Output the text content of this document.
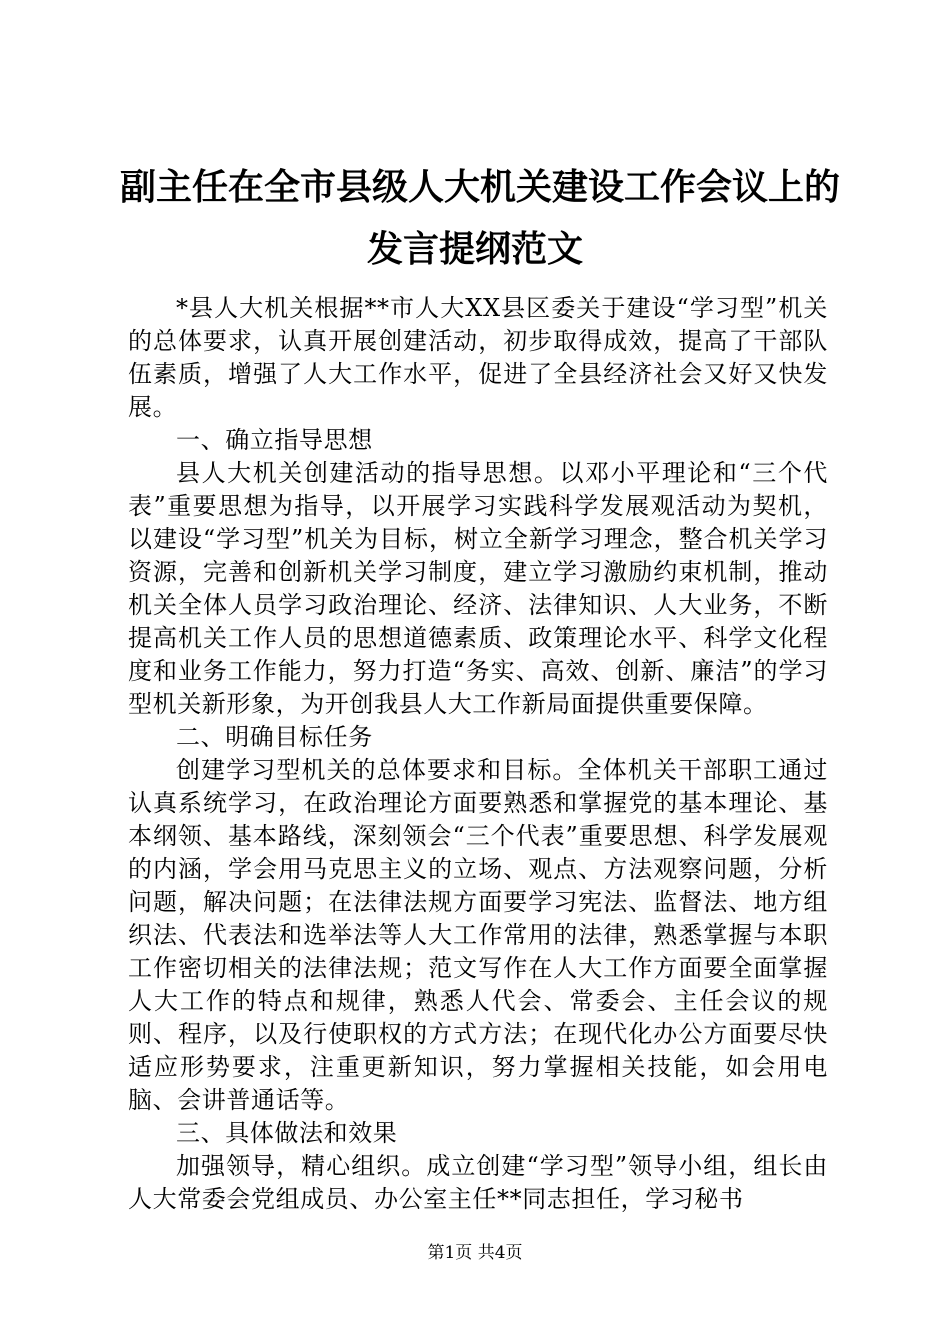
副主任在全市县级人大机关建设工作会议上的
发言提纲范文

*县人大机关根据**市人大XX县区委关于建设“学习型”机关的总体要求，认真开展创建活动，初步取得成效，提高了干部队伍素质，增强了人大工作水平，促进了全县经济社会又好又快发展。

一、确立指导思想

县人大机关创建活动的指导思想。以邓小平理论和“三个代表”重要思想为指导，以开展学习实践科学发展观活动为契机，以建设“学习型”机关为目标，树立全新学习理念，整合机关学习资源，完善和创新机关学习制度，建立学习激励约束机制，推动机关全体人员学习政治理论、经济、法律知识、人大业务，不断提高机关工作人员的思想道德素质、政策理论水平、科学文化程度和业务工作能力，努力打造“务实、高效、创新、廉洁”的学习型机关新形象，为开创我县人大工作新局面提供重要保障。

二、明确目标任务

创建学习型机关的总体要求和目标。全体机关干部职工通过认真系统学习，在政治理论方面要熟悉和掌握党的基本理论、基本纲领、基本路线，深刻领会“三个代表”重要思想、科学发展观的内涵，学会用马克思主义的立场、观点、方法观察问题，分析问题，解决问题；在法律法规方面要学习宪法、监督法、地方组织法、代表法和选举法等人大工作常用的法律，熟悉掌握与本职工作密切相关的法律法规；范文写作在人大工作方面要全面掌握人大工作的特点和规律，熟悉人代会、常委会、主任会议的规则、程序，以及行使职权的方式方法；在现代化办公方面要尽快适应形势要求，注重更新知识，努力掌握相关技能，如会用电脑、会讲普通话等。

三、具体做法和效果

加强领导，精心组织。成立创建“学习型”领导小组，组长由人大常委会党组成员、办公室主任**同志担任，学习秘书

第1页 共4页
